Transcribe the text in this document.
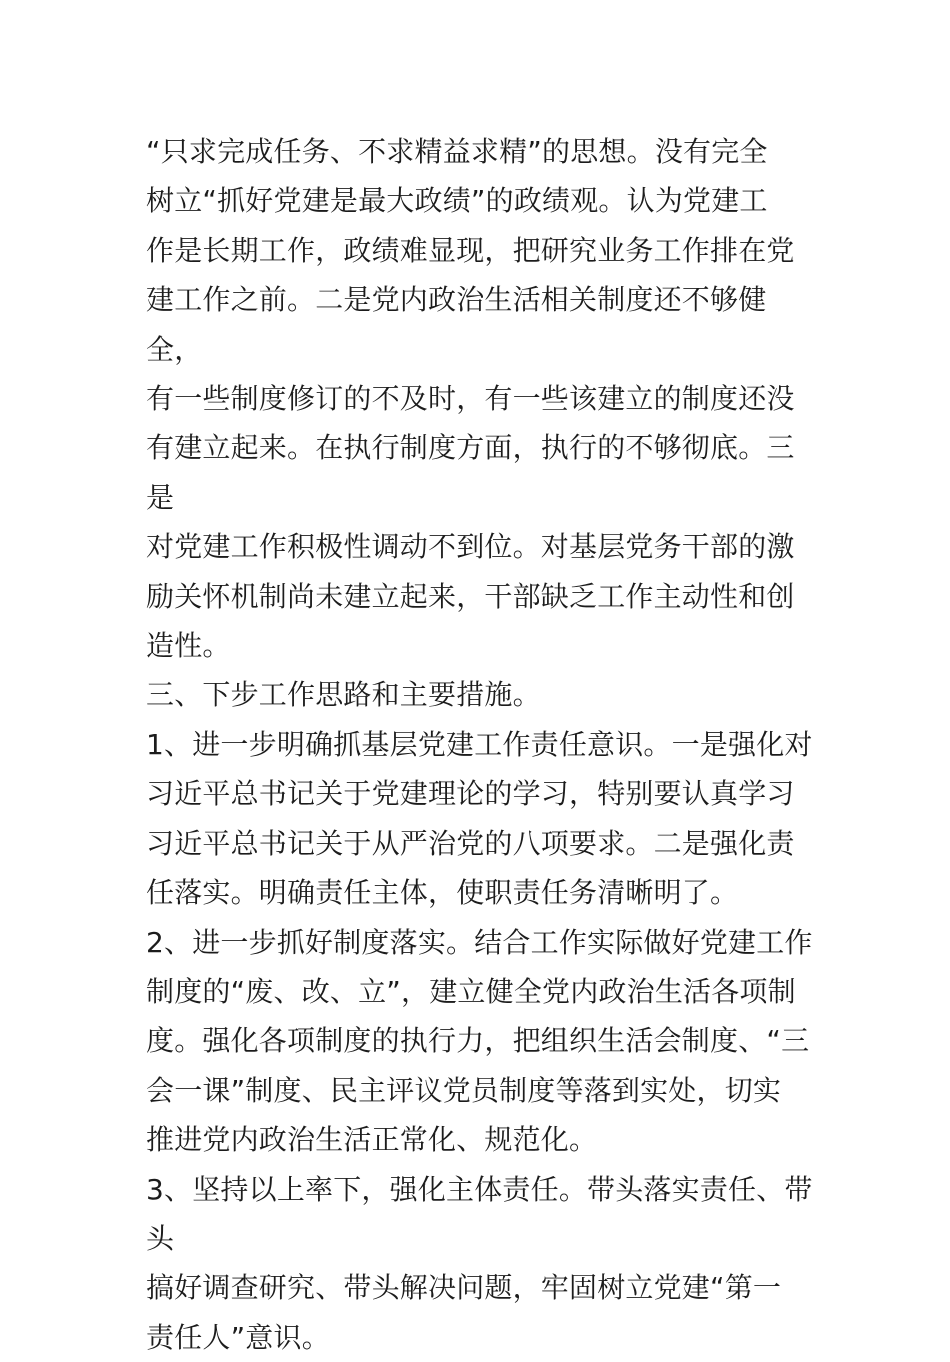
“只求完成任务、不求精益求精”的思想。没有完全
树立“抓好党建是最大政绩”的政绩观。认为党建工
作是长期工作，政绩难显现，把研究业务工作排在党
建工作之前。二是党内政治生活相关制度还不够健全，
有一些制度修订的不及时，有一些该建立的制度还没
有建立起来。在执行制度方面，执行的不够彻底。三是
对党建工作积极性调动不到位。对基层党务干部的激
励关怀机制尚未建立起来，干部缺乏工作主动性和创
造性。

三、下步工作思路和主要措施。

1、进一步明确抓基层党建工作责任意识。一是强化对
习近平总书记关于党建理论的学习，特别要认真学习
习近平总书记关于从严治党的八项要求。二是强化责
任落实。明确责任主体，使职责任务清晰明了。

2、进一步抓好制度落实。结合工作实际做好党建工作
制度的“废、改、立”，建立健全党内政治生活各项制
度。强化各项制度的执行力，把组织生活会制度、“三
会一课”制度、民主评议党员制度等落到实处，切实
推进党内政治生活正常化、规范化。

3、坚持以上率下，强化主体责任。带头落实责任、带头
搞好调查研究、带头解决问题，牢固树立党建“第一
责任人”意识。
